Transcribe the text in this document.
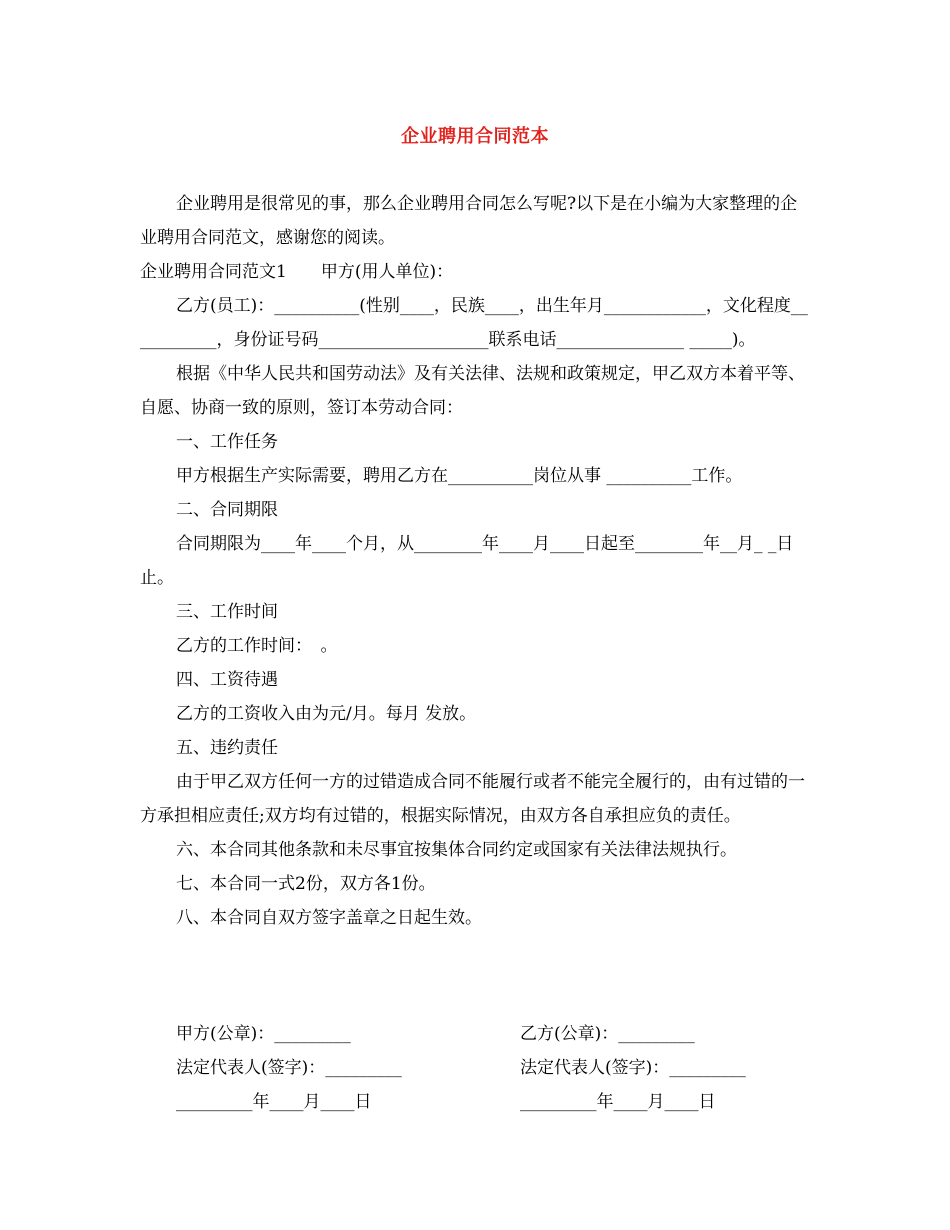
企业聘用合同范本

企业聘用是很常见的事，那么企业聘用合同怎么写呢?以下是在小编为大家整理的企业聘用合同范文，感谢您的阅读。

企业聘用合同范文1　　甲方(用人单位)：

乙方(员工)：__________(性别____，民族____，出生年月____________，文化程度___________，身份证号码____________________联系电话_______________ _____)。

根据《中华人民共和国劳动法》及有关法律、法规和政策规定，甲乙双方本着平等、自愿、协商一致的原则，签订本劳动合同：

一、工作任务

甲方根据生产实际需要，聘用乙方在__________岗位从事 __________工作。

二、合同期限

合同期限为____年____个月，从________年____月____日起至________年__月_ _日止。

三、工作时间

乙方的工作时间：　。

四、工资待遇

乙方的工资收入由为元/月。每月 发放。

五、违约责任

由于甲乙双方任何一方的过错造成合同不能履行或者不能完全履行的，由有过错的一方承担相应责任;双方均有过错的，根据实际情况，由双方各自承担应负的责任。

六、本合同其他条款和未尽事宜按集体合同约定或国家有关法律法规执行。

七、本合同一式2份，双方各1份。

八、本合同自双方签字盖章之日起生效。

甲方(公章)：_________
法定代表人(签字)：_________
_________年____月____日
乙方(公章)：_________
法定代表人(签字)：_________
_________年____月____日
